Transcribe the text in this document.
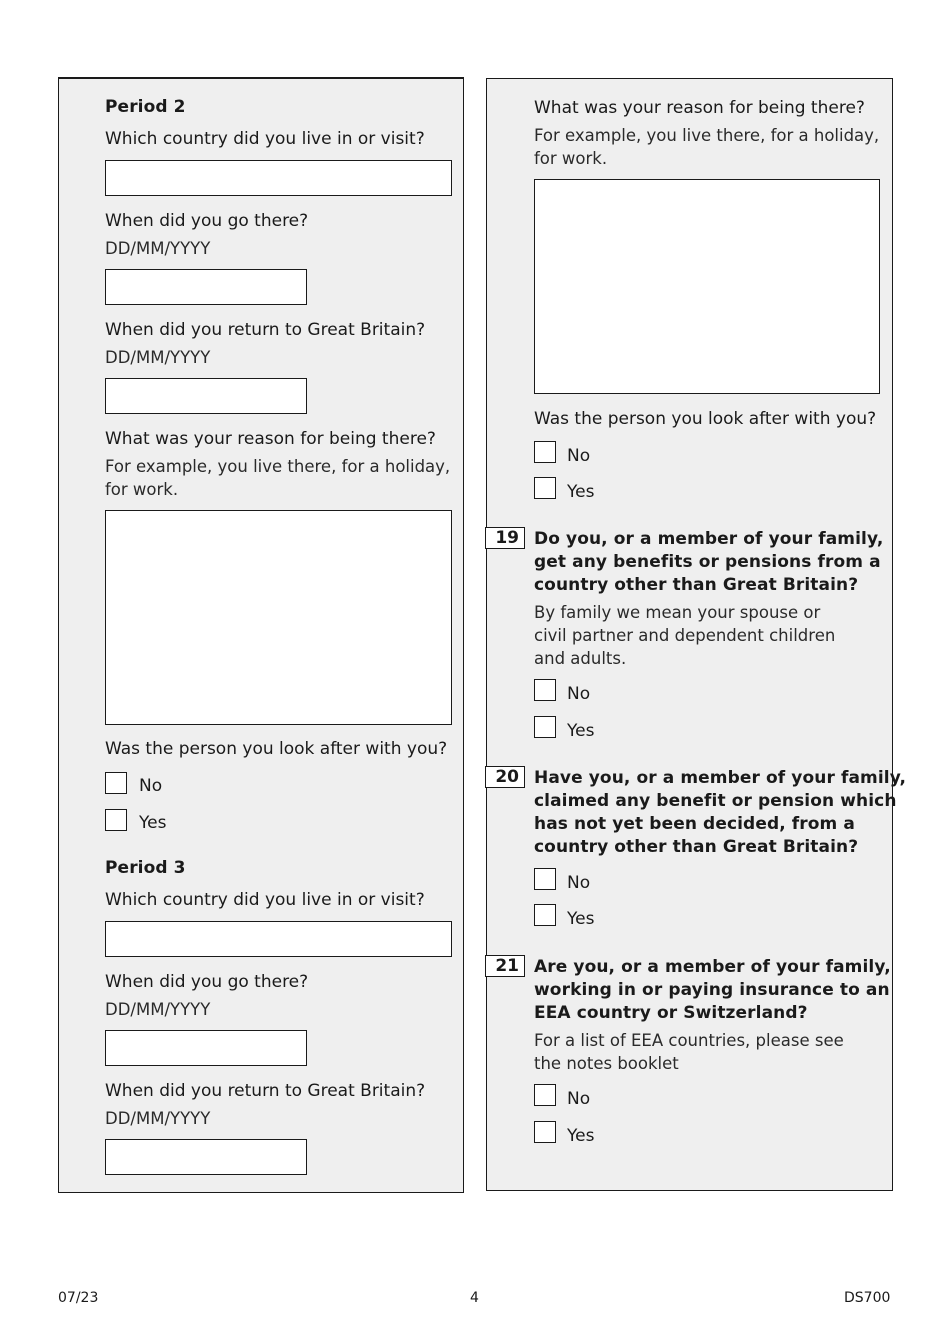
Period 2
Which country did you live in or visit?
When did you go there?
DD/MM/YYYY
When did you return to Great Britain?
DD/MM/YYYY
What was your reason for being there?
For example, you live there, for a holiday,
for work.
Was the person you look after with you?
No
Yes
Period 3
Which country did you live in or visit?
When did you go there?
DD/MM/YYYY
When did you return to Great Britain?
DD/MM/YYYY
What was your reason for being there?
For example, you live there, for a holiday,
for work.
Was the person you look after with you?
No
Yes
19 Do you, or a member of your family,
get any benefits or pensions from a
country other than Great Britain?
By family we mean your spouse or
civil partner and dependent children
and adults.
No
Yes
20 Have you, or a member of your family,
claimed any benefit or pension which
has not yet been decided, from a
country other than Great Britain?
No
Yes
21 Are you, or a member of your family,
working in or paying insurance to an
EEA country or Switzerland?
For a list of EEA countries, please see
the notes booklet
No
Yes
07/23	4	DS700
